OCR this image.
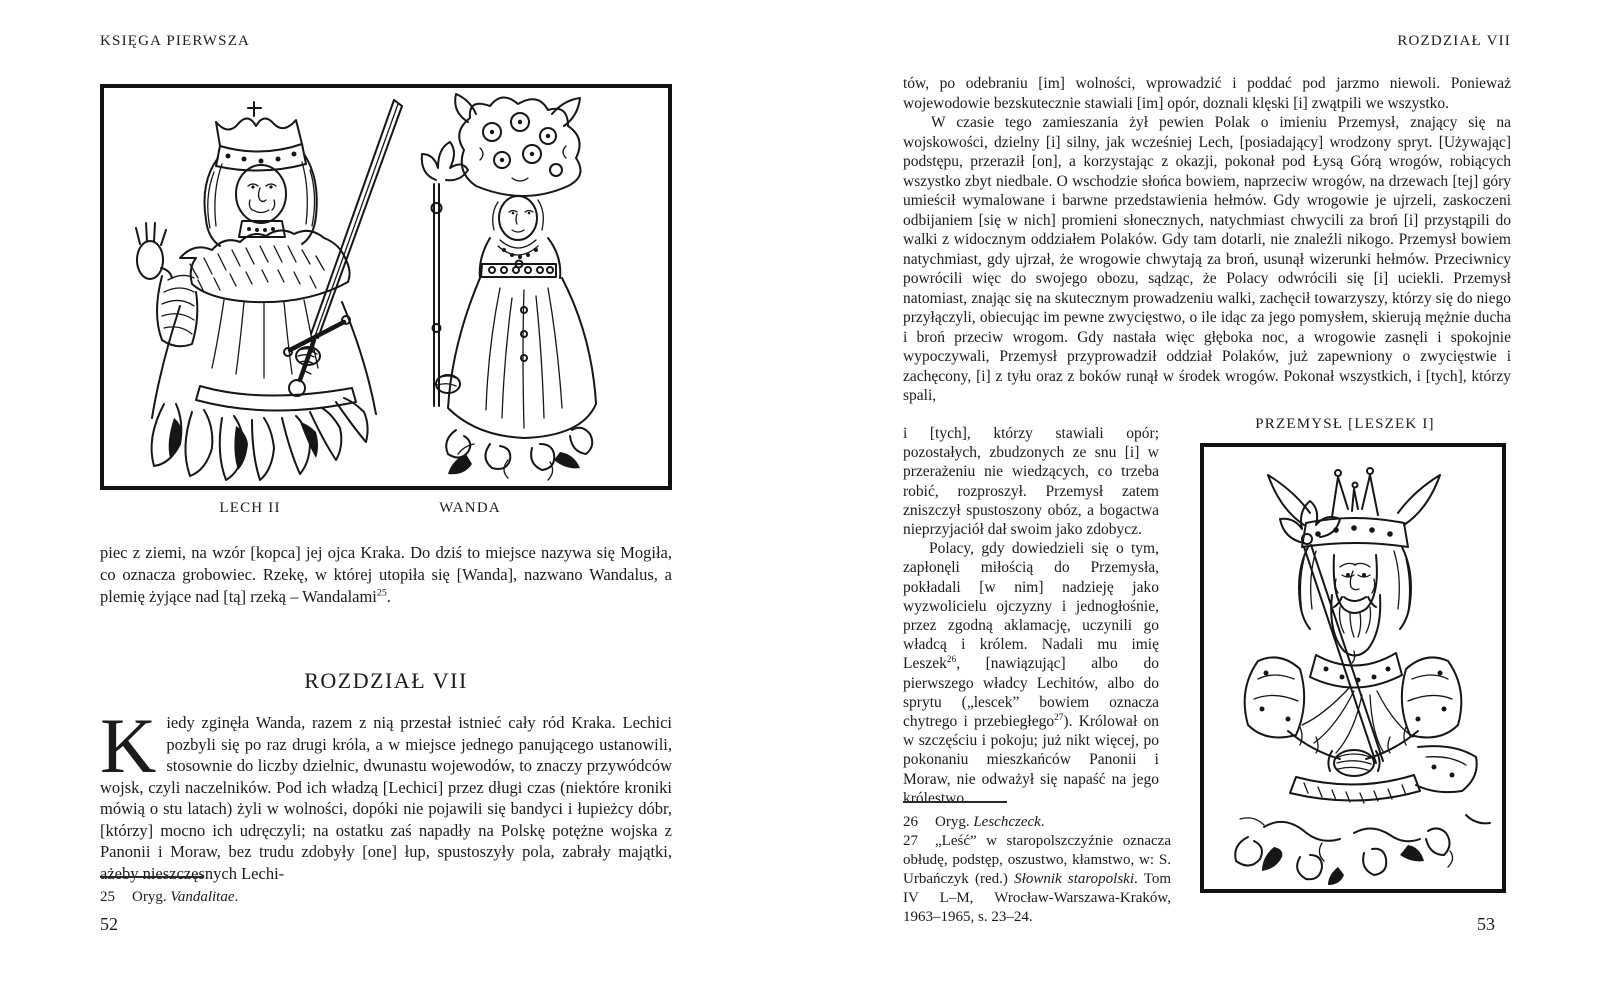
KSIĘGA PIERWSZA
LECH II	WANDA

piec z ziemi, na wzór [kopca] jej ojca Kraka. Do dziś to miejsce nazywa się Mogiła, co oznacza grobowiec. Rzekę, w której utopiła się [Wanda], nazwano Wandalus, a plemię żyjące nad [tą] rzeką – Wandalami$^{25}$.

ROZDZIAŁ VII

Kiedy zginęła Wanda, razem z nią przestał istnieć cały ród Kraka. Lechici pozbyli się po raz drugi króla, a w miejsce jednego panującego ustanowili, stosownie do liczby dzielnic, dwunastu wojewodów, to znaczy przywódców wojsk, czyli naczelników. Pod ich władzą [Lechici] przez długi czas (niektóre kroniki mówią o stu latach) żyli w wolności, dopóki nie pojawili się bandyci i łupieżcy dóbr, [którzy] mocno ich udręczyli; na ostatku zaś napadły na Polskę potężne wojska z Panonii i Moraw, bez trudu zdobyły [one] łup, spustoszyły pola, zabrały majątki, ażeby nieszczęsnych Lechi-

25 Oryg. Vandalitae.
52
ROZDZIAŁ VII

tów, po odebraniu [im] wolności, wprowadzić i poddać pod jarzmo niewoli. Ponieważ wojewodowie bezskutecznie stawiali [im] opór, doznali klęski [i] zwątpili we wszystko.

W czasie tego zamieszania żył pewien Polak o imieniu Przemysł, znający się na wojskowości, dzielny [i] silny, jak wcześniej Lech, [posiadający] wrodzony spryt. [Używając] podstępu, przeraził [on], a korzystając z okazji, pokonał pod Łysą Górą wrogów, robiących wszystko zbyt niedbale. O wschodzie słońca bowiem, naprzeciw wrogów, na drzewach [tej] góry umieścił wymalowane i barwne przedstawienia hełmów. Gdy wrogowie je ujrzeli, zaskoczeni odbijaniem [się w nich] promieni słonecznych, natychmiast chwycili za broń [i] przystąpili do walki z widocznym oddziałem Polaków. Gdy tam dotarli, nie znaleźli nikogo. Przemysł bowiem natychmiast, gdy ujrzał, że wrogowie chwytają za broń, usunął wizerunki hełmów. Przeciwnicy powrócili więc do swojego obozu, sądząc, że Polacy odwrócili się [i] uciekli. Przemysł natomiast, znając się na skutecznym prowadzeniu walki, zachęcił towarzyszy, którzy się do niego przyłączyli, obiecując im pewne zwycięstwo, o ile idąc za jego pomysłem, skierują mężnie ducha i broń przeciw wrogom. Gdy nastała więc głęboka noc, a wrogowie zasnęli i spokojnie wypoczywali, Przemysł przyprowadził oddział Polaków, już zapewniony o zwycięstwie i zachęcony, [i] z tyłu oraz z boków runął w środek wrogów. Pokonał wszystkich, i [tych], którzy spali,

i [tych], którzy stawiali opór; pozostałych, zbudzonych ze snu [i] w przerażeniu nie wiedzących, co trzeba robić, rozproszył. Przemysł zatem zniszczył spustoszony obóz, a bogactwa nieprzyjaciół dał swoim jako zdobycz.

Polacy, gdy dowiedzieli się o tym, zapłonęli miłością do Przemysła, pokładali [w nim] nadzieję jako wyzwolicielu ojczyzny i jednogłośnie, przez zgodną aklamację, uczynili go władcą i królem. Nadali mu imię Leszek$^{26}$, [nawiązując] albo do pierwszego władcy Lechitów, albo do sprytu („lescek” bowiem oznacza chytrego i przebiegłego$^{27}$). Królował on w szczęściu i pokoju; już nikt więcej, po pokonaniu mieszkańców Panonii i Moraw, nie odważył się napaść na jego królestwo.

PRZEMYSŁ [LESZEK I]
26 Oryg. Leschczeck.
27 „Leść” w staropolszczyźnie oznacza obłudę, podstęp, oszustwo, kłamstwo, w: S. Urbańczyk (red.) Słownik staropolski. Tom IV L–M, Wrocław-Warszawa-Kraków, 1963–1965, s. 23–24.	53
